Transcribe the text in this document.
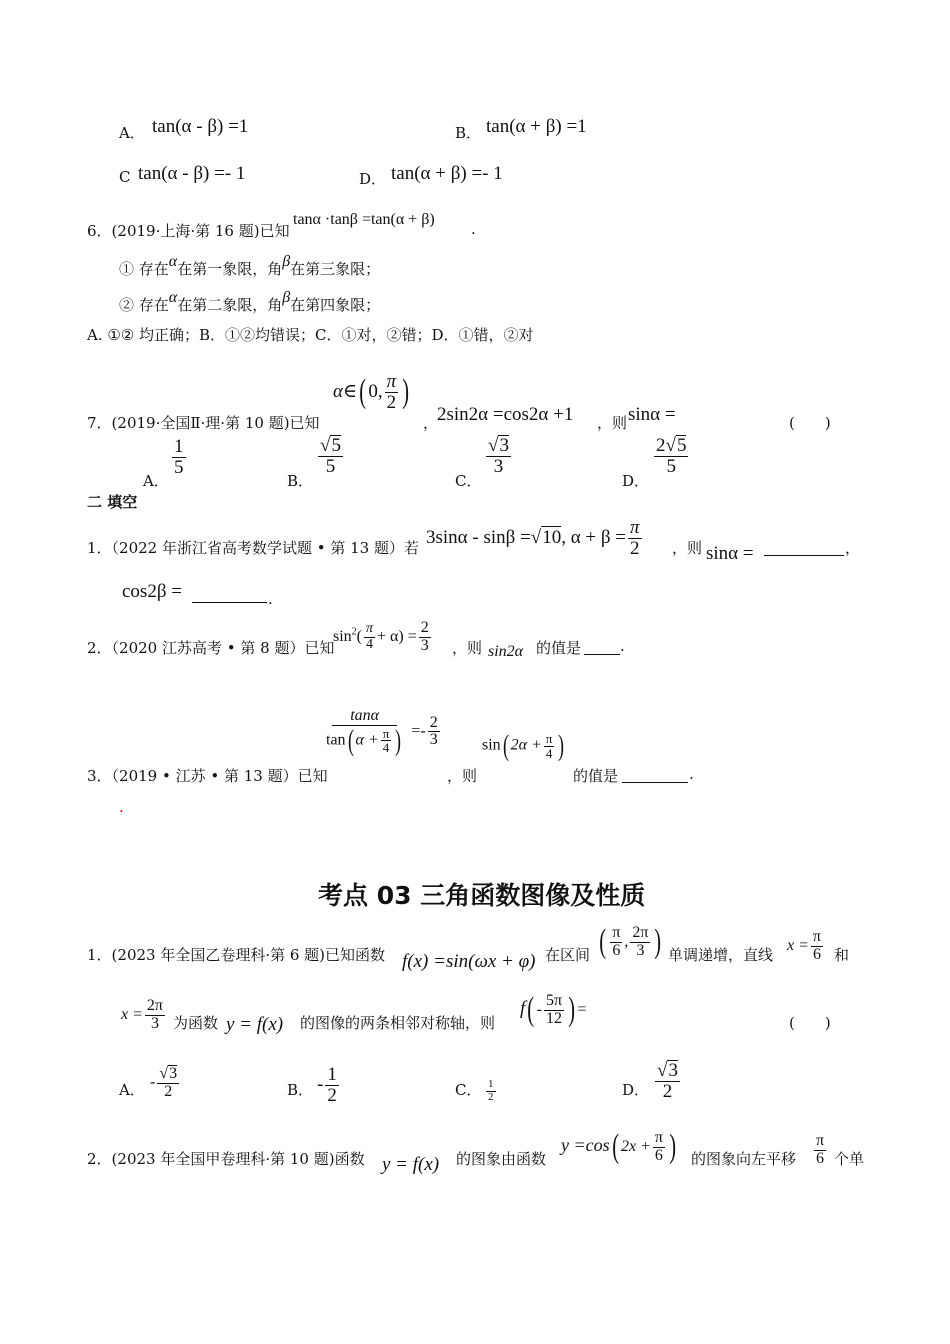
A． tan(α - β) =1	B． tan(α + β) =1
C tan(α - β) =- 1	D． tan(α + β) =- 1
6．(2019·上海·第 16 题)已知
tanα ·tanβ =tan(α + β)
.
① 存在α在第一象限，角β在第三象限；
② 存在α在第二象限，角β在第四象限；
A. ①② 均正确；B．①②均错误；C．①对，②错；D．①错，②对
7．(2019·全国Ⅱ·理·第 10 题)已知
α∈( 0, $\frac{\pi}{2}$ )
，
2sin2α =cos2α +1 ，则 sinα =	(　　)
A．
$\frac{1}{5}$
B．
$\frac{√5}{5}$
C．
$\frac{√3}{3}$
D．
$\frac{2√5}{5}$
二 填空
1．（2022 年浙江省高考数学试题 • 第 13 题）若
3sinα - sinβ =√10, $\alpha + \beta = \frac{\pi}{2}$ ，则 sinα =	，
cos2β =	.
2．（2020 江苏高考 • 第 8 题）已知
$\sin^2( \frac{\pi}{4} + \alpha) = \frac{2}{3}$ ，则 sin2α 的值是	.
3．（2019 • 江苏 • 第 13 题）已知
$\frac{\tan\alpha}{\tan( \alpha + \frac{\pi}{4} )} =- \frac{2}{3}$
，则
sin( $2\alpha + \frac{\pi}{4}$ )
的值是	.
.
考点 03 三角函数图像及性质
1．(2023 年全国乙卷理科·第 6 题)已知函数 f(x) =sin(ωx + φ) 在区间 ( $\frac{\pi}{6}$ , $\frac{2\pi}{3}$ ) 单调递增，直线
$x = \frac{\pi}{6}$ 和
$x = \frac{2\pi}{3}$ 为函数 y = f(x) 的图像的两条相邻对称轴，则
$f( - \frac{5\pi}{12}$ ) =
(　　)
A． - $\frac{√3}{2}$	B． - $\frac{1}{2}$	C． $\frac{1}{2}$	D． $\frac{√3}{2}$
2．(2023 年全国甲卷理科·第 10 题)函数 y = f(x) 的图象由函数
y =cos( $2x + \frac{\pi}{6}$ ) 的图象向左平移 $\frac{\pi}{6}$ 个单
